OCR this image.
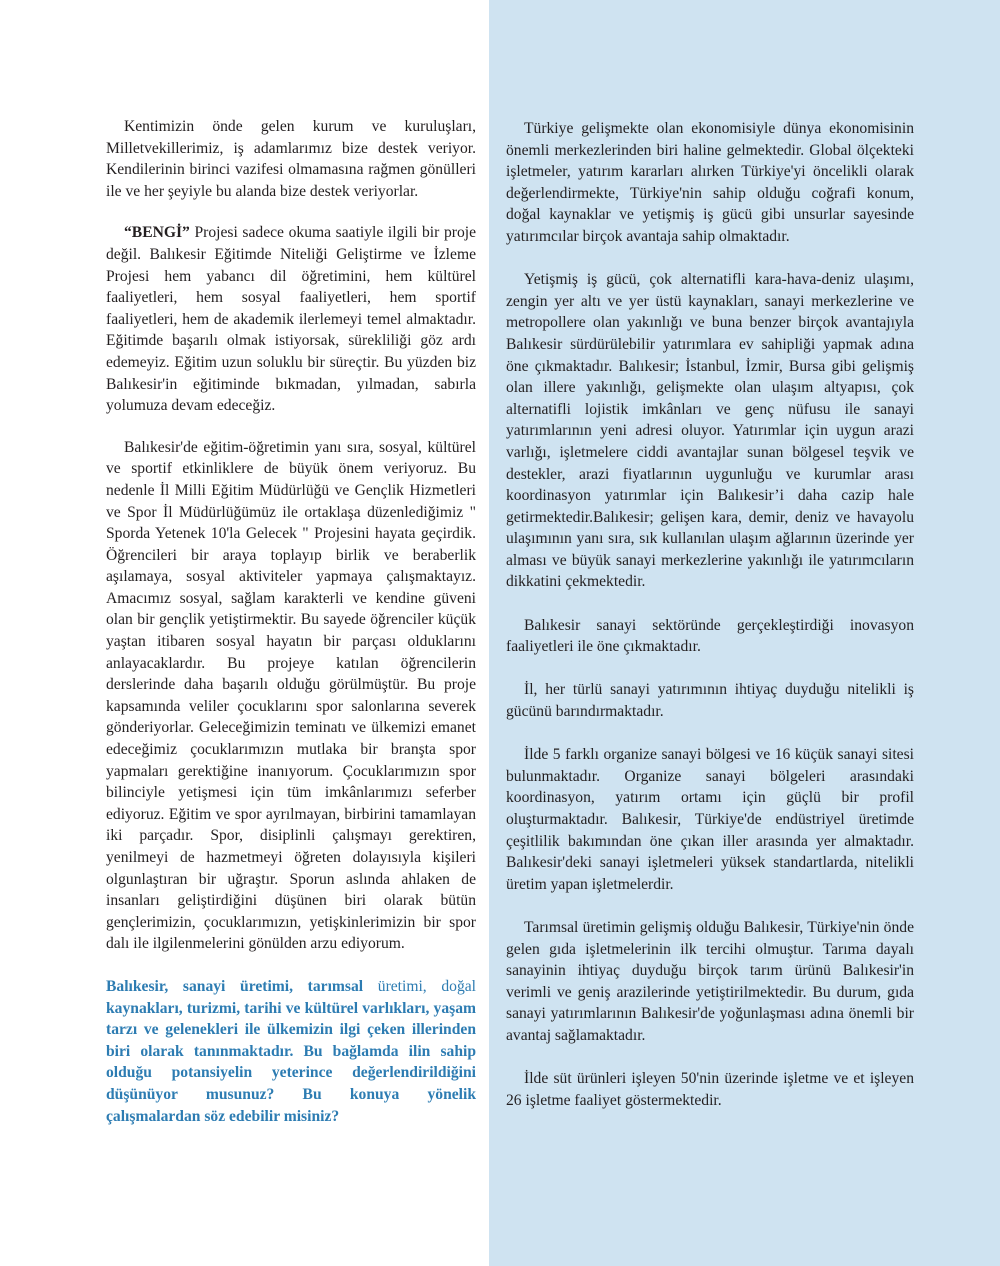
Kentimizin önde gelen kurum ve kuruluşları, Milletvekillerimiz, iş adamlarımız bize destek veriyor. Kendilerinin birinci vazifesi olmamasına rağmen gönülleri ile ve her şeyiyle bu alanda bize destek veriyorlar.

“BENGİ” Projesi sadece okuma saatiyle ilgili bir proje değil. Balıkesir Eğitimde Niteliği Geliştirme ve İzleme Projesi hem yabancı dil öğretimini, hem kültürel faaliyetleri, hem sosyal faaliyetleri, hem sportif faaliyetleri, hem de akademik ilerlemeyi temel almaktadır. Eğitimde başarılı olmak istiyorsak, sürekliliği göz ardı edemeyiz. Eğitim uzun soluklu bir süreçtir. Bu yüzden biz Balıkesir'in eğitiminde bıkmadan, yılmadan, sabırla yolumuza devam edeceğiz.

Balıkesir'de eğitim-öğretimin yanı sıra, sosyal, kültürel ve sportif etkinliklere de büyük önem veriyoruz. Bu nedenle İl Milli Eğitim Müdürlüğü ve Gençlik Hizmetleri ve Spor İl Müdürlüğümüz ile ortaklaşa düzenlediğimiz " Sporda Yetenek 10'la Gelecek " Projesini hayata geçirdik. Öğrencileri bir araya toplayıp birlik ve beraberlik aşılamaya, sosyal aktiviteler yapmaya çalışmaktayız. Amacımız sosyal, sağlam karakterli ve kendine güveni olan bir gençlik yetiştirmektir. Bu sayede öğrenciler küçük yaştan itibaren sosyal hayatın bir parçası olduklarını anlayacaklardır. Bu projeye katılan öğrencilerin derslerinde daha başarılı olduğu görülmüştür. Bu proje kapsamında veliler çocuklarını spor salonlarına severek gönderiyorlar. Geleceğimizin teminatı ve ülkemizi emanet edeceğimiz çocuklarımızın mutlaka bir branşta spor yapmaları gerektiğine inanıyorum. Çocuklarımızın spor bilinciyle yetişmesi için tüm imkânlarımızı seferber ediyoruz. Eğitim ve spor ayrılmayan, birbirini tamamlayan iki parçadır. Spor, disiplinli çalışmayı gerektiren, yenilmeyi de hazmetmeyi öğreten dolayısıyla kişileri olgunlaştıran bir uğraştır. Sporun aslında ahlaken de insanları geliştirdiğini düşünen biri olarak bütün gençlerimizin, çocuklarımızın, yetişkinlerimizin bir spor dalı ile ilgilenmelerini gönülden arzu ediyorum.

Balıkesir, sanayi üretimi, tarımsal üretimi, doğal kaynakları, turizmi, tarihi ve kültürel varlıkları, yaşam tarzı ve gelenekleri ile ülkemizin ilgi çeken illerinden biri olarak tanınmaktadır. Bu bağlamda ilin sahip olduğu potansiyelin yeterince değerlendirildiğini düşünüyor musunuz? Bu konuya yönelik çalışmalardan söz edebilir misiniz?

Türkiye gelişmekte olan ekonomisiyle dünya ekonomisinin önemli merkezlerinden biri haline gelmektedir. Global ölçekteki işletmeler, yatırım kararları alırken Türkiye'yi öncelikli olarak değerlendirmekte, Türkiye'nin sahip olduğu coğrafi konum, doğal kaynaklar ve yetişmiş iş gücü gibi unsurlar sayesinde yatırımcılar birçok avantaja sahip olmaktadır.

Yetişmiş iş gücü, çok alternatifli kara-hava-deniz ulaşımı, zengin yer altı ve yer üstü kaynakları, sanayi merkezlerine ve metropollere olan yakınlığı ve buna benzer birçok avantajıyla Balıkesir sürdürülebilir yatırımlara ev sahipliği yapmak adına öne çıkmaktadır. Balıkesir; İstanbul, İzmir, Bursa gibi gelişmiş olan illere yakınlığı, gelişmekte olan ulaşım altyapısı, çok alternatifli lojistik imkânları ve genç nüfusu ile sanayi yatırımlarının yeni adresi oluyor. Yatırımlar için uygun arazi varlığı, işletmelere ciddi avantajlar sunan bölgesel teşvik ve destekler, arazi fiyatlarının uygunluğu ve kurumlar arası koordinasyon yatırımlar için Balıkesir’i daha cazip hale getirmektedir.Balıkesir; gelişen kara, demir, deniz ve havayolu ulaşımının yanı sıra, sık kullanılan ulaşım ağlarının üzerinde yer alması ve büyük sanayi merkezlerine yakınlığı ile yatırımcıların dikkatini çekmektedir.

Balıkesir sanayi sektöründe gerçekleştirdiği inovasyon faaliyetleri ile öne çıkmaktadır.

İl, her türlü sanayi yatırımının ihtiyaç duyduğu nitelikli iş gücünü barındırmaktadır.

İlde 5 farklı organize sanayi bölgesi ve 16 küçük sanayi sitesi bulunmaktadır. Organize sanayi bölgeleri arasındaki koordinasyon, yatırım ortamı için güçlü bir profil oluşturmaktadır. Balıkesir, Türkiye'de endüstriyel üretimde çeşitlilik bakımından öne çıkan iller arasında yer almaktadır. Balıkesir'deki sanayi işletmeleri yüksek standartlarda, nitelikli üretim yapan işletmelerdir.

Tarımsal üretimin gelişmiş olduğu Balıkesir, Türkiye'nin önde gelen gıda işletmelerinin ilk tercihi olmuştur. Tarıma dayalı sanayinin ihtiyaç duyduğu birçok tarım ürünü Balıkesir'in verimli ve geniş arazilerinde yetiştirilmektedir. Bu durum, gıda sanayi yatırımlarının Balıkesir'de yoğunlaşması adına önemli bir avantaj sağlamaktadır.

İlde süt ürünleri işleyen 50'nin üzerinde işletme ve et işleyen 26 işletme faaliyet göstermektedir.
